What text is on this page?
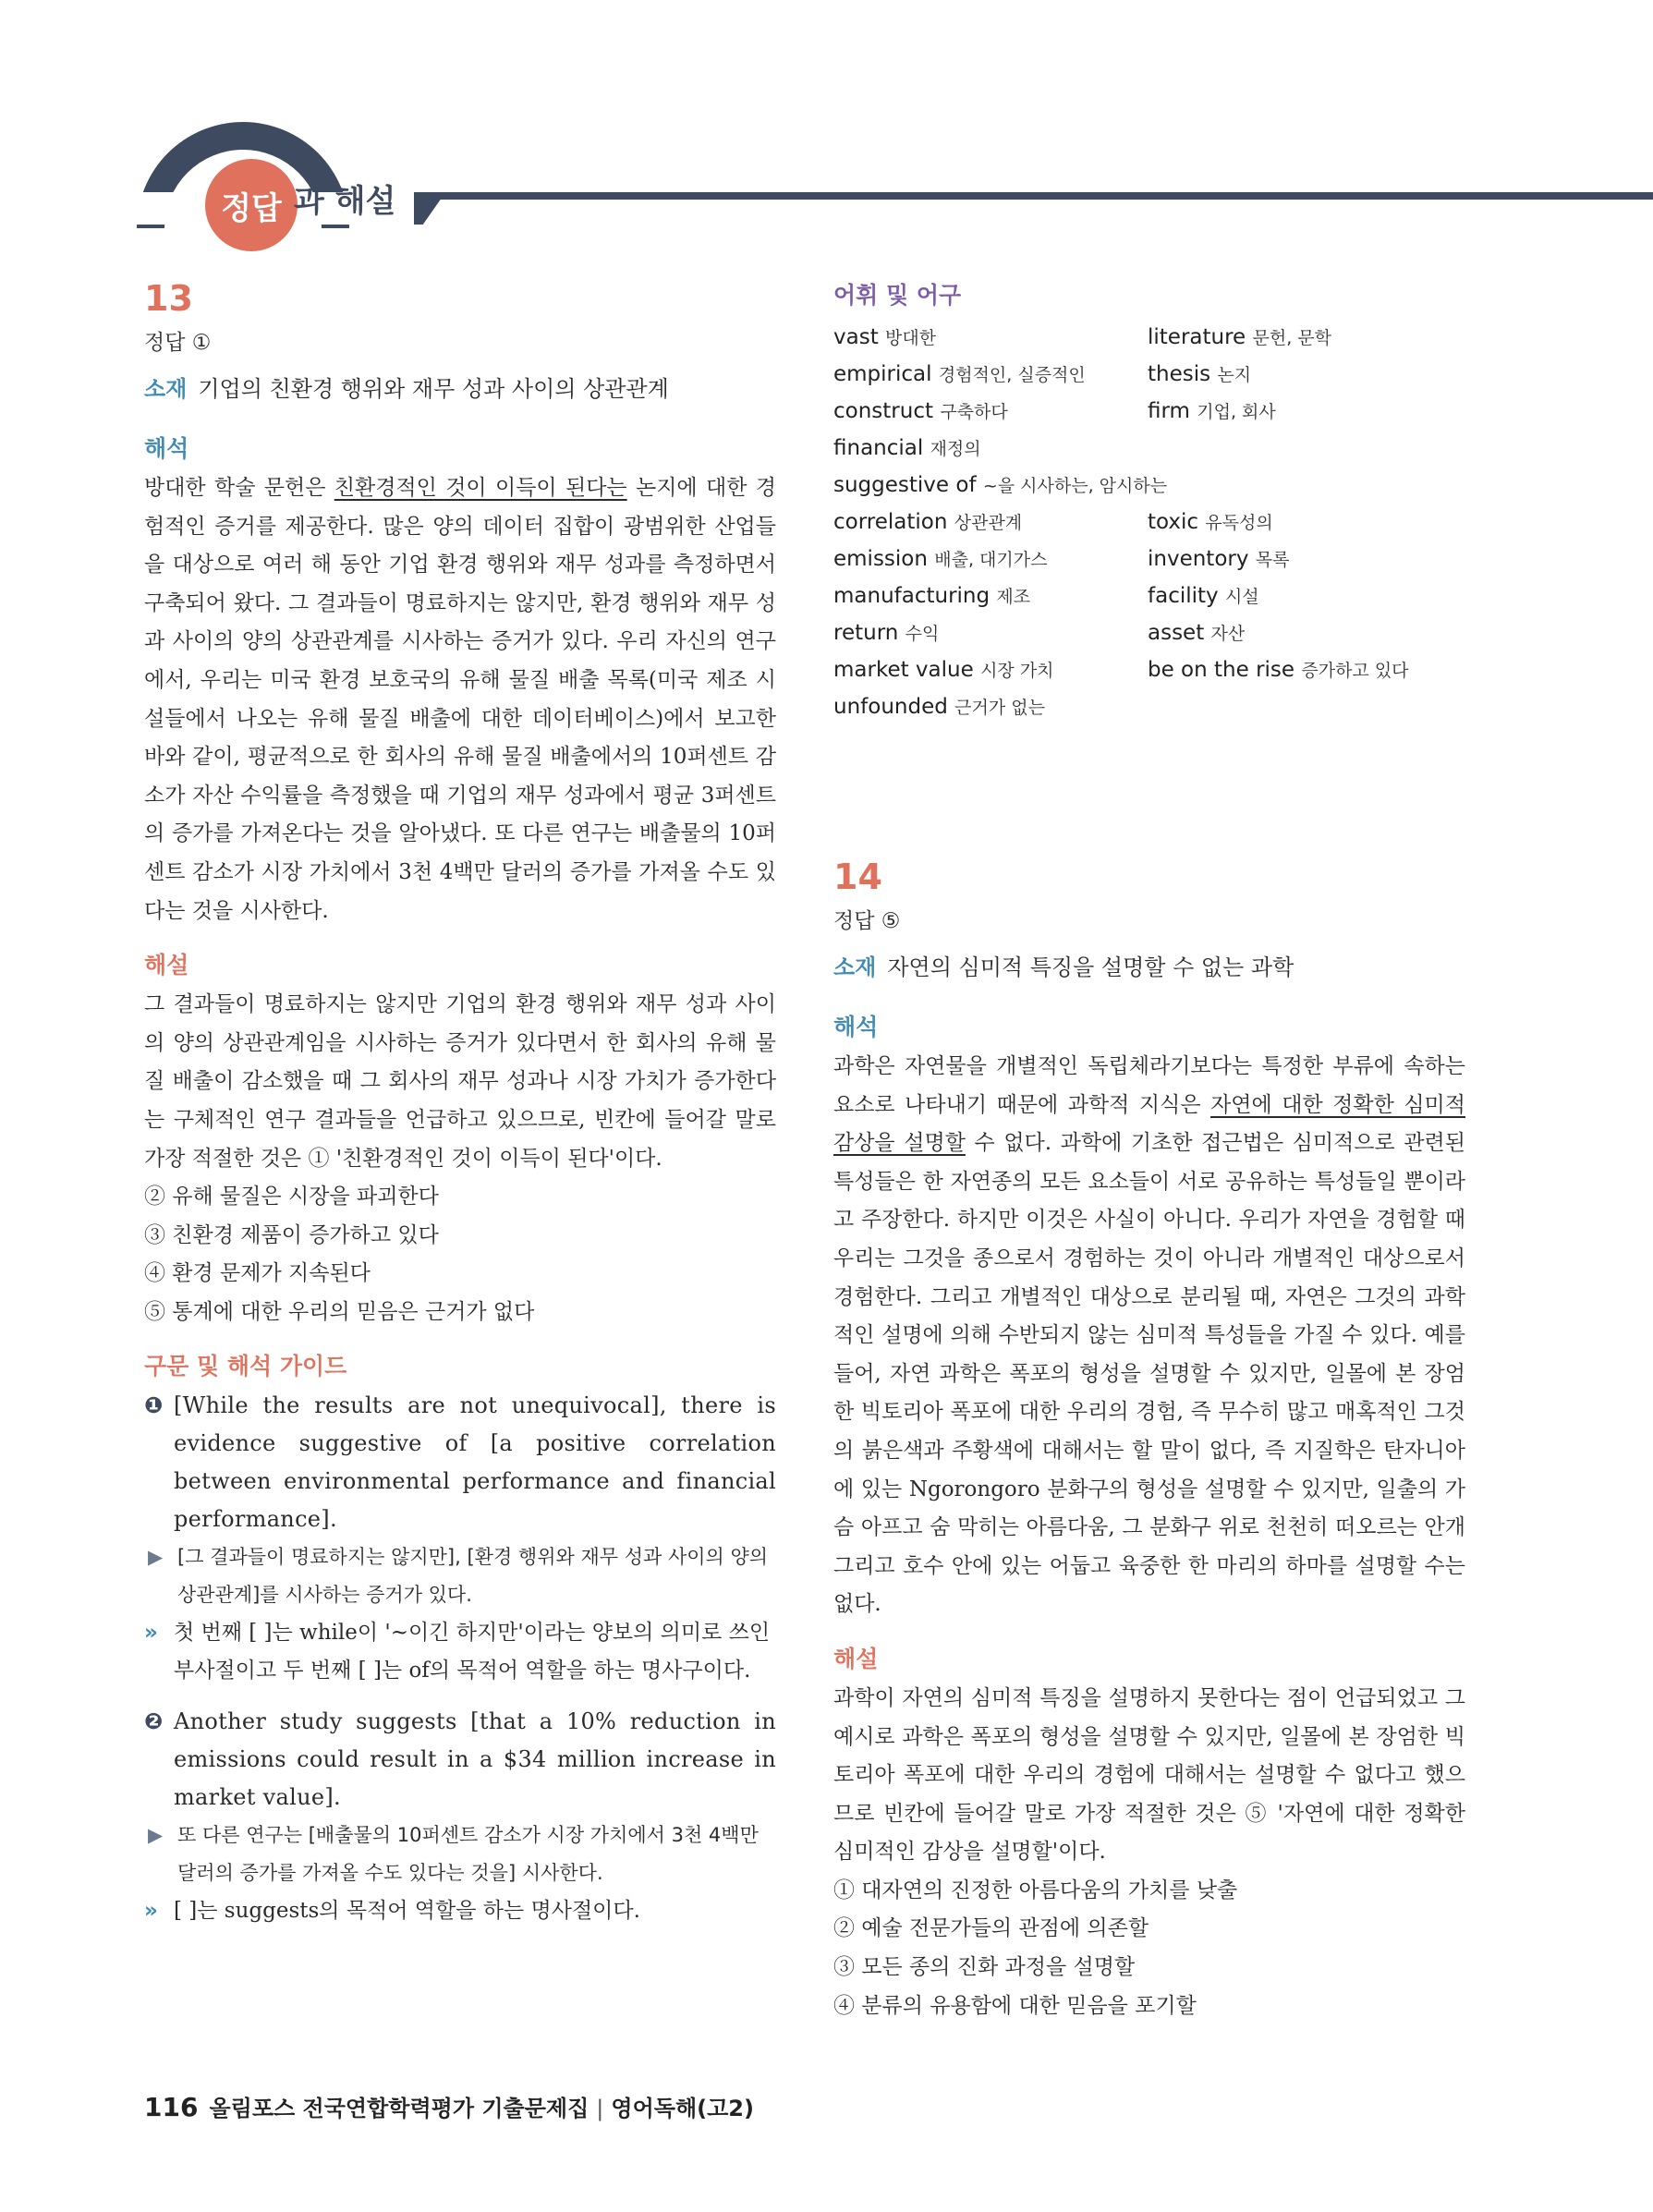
정답 과 해설

13

정답 ①

소재 기업의 친환경 행위와 재무 성과 사이의 상관관계

해석

방대한 학술 문헌은 친환경적인 것이 이득이 된다는 논지에 대한 경험적인 증거를 제공한다. 많은 양의 데이터 집합이 광범위한 산업들을 대상으로 여러 해 동안 기업 환경 행위와 재무 성과를 측정하면서 구축되어 왔다. 그 결과들이 명료하지는 않지만, 환경 행위와 재무 성과 사이의 양의 상관관계를 시사하는 증거가 있다. 우리 자신의 연구에서, 우리는 미국 환경 보호국의 유해 물질 배출 목록(미국 제조 시설들에서 나오는 유해 물질 배출에 대한 데이터베이스)에서 보고한 바와 같이, 평균적으로 한 회사의 유해 물질 배출에서의 10퍼센트 감소가 자산 수익률을 측정했을 때 기업의 재무 성과에서 평균 3퍼센트의 증가를 가져온다는 것을 알아냈다. 또 다른 연구는 배출물의 10퍼센트 감소가 시장 가치에서 3천 4백만 달러의 증가를 가져올 수도 있다는 것을 시사한다.

해설

그 결과들이 명료하지는 않지만 기업의 환경 행위와 재무 성과 사이의 양의 상관관계임을 시사하는 증거가 있다면서 한 회사의 유해 물질 배출이 감소했을 때 그 회사의 재무 성과나 시장 가치가 증가한다는 구체적인 연구 결과들을 언급하고 있으므로, 빈칸에 들어갈 말로 가장 적절한 것은 ① '친환경적인 것이 이득이 된다'이다.

② 유해 물질은 시장을 파괴한다

③ 친환경 제품이 증가하고 있다

④ 환경 문제가 지속된다

⑤ 통계에 대한 우리의 믿음은 근거가 없다

구문 및 해석 가이드

❶ [While the results are not unequivocal], there is evidence suggestive of [a positive correlation between environmental performance and financial performance].
▶ [그 결과들이 명료하지는 않지만], [환경 행위와 재무 성과 사이의 양의 상관관계]를 시사하는 증거가 있다.
» 첫 번째 [ ]는 while이 '~이긴 하지만'이라는 양보의 의미로 쓰인 부사절이고 두 번째 [ ]는 of의 목적어 역할을 하는 명사구이다.
❷ Another study suggests [that a 10% reduction in emissions could result in a $34 million increase in market value].
▶ 또 다른 연구는 [배출물의 10퍼센트 감소가 시장 가치에서 3천 4백만 달러의 증가를 가져올 수도 있다는 것을] 시사한다.
» [ ]는 suggests의 목적어 역할을 하는 명사절이다.

어휘 및 어구

vast 방대한	literature 문헌, 문학
empirical 경험적인, 실증적인	thesis 논지
construct 구축하다	firm 기업, 회사
financial 재정의
suggestive of ~을 시사하는, 암시하는
correlation 상관관계	toxic 유독성의
emission 배출, 대기가스	inventory 목록
manufacturing 제조	facility 시설
return 수익	asset 자산
market value 시장 가치	be on the rise 증가하고 있다
unfounded 근거가 없는

14

정답 ⑤

소재 자연의 심미적 특징을 설명할 수 없는 과학

해석

과학은 자연물을 개별적인 독립체라기보다는 특정한 부류에 속하는 요소로 나타내기 때문에 과학적 지식은 자연에 대한 정확한 심미적 감상을 설명할 수 없다. 과학에 기초한 접근법은 심미적으로 관련된 특성들은 한 자연종의 모든 요소들이 서로 공유하는 특성들일 뿐이라고 주장한다. 하지만 이것은 사실이 아니다. 우리가 자연을 경험할 때 우리는 그것을 종으로서 경험하는 것이 아니라 개별적인 대상으로서 경험한다. 그리고 개별적인 대상으로 분리될 때, 자연은 그것의 과학적인 설명에 의해 수반되지 않는 심미적 특성들을 가질 수 있다. 예를 들어, 자연 과학은 폭포의 형성을 설명할 수 있지만, 일몰에 본 장엄한 빅토리아 폭포에 대한 우리의 경험, 즉 무수히 많고 매혹적인 그것의 붉은색과 주황색에 대해서는 할 말이 없다, 즉 지질학은 탄자니아에 있는 Ngorongoro 분화구의 형성을 설명할 수 있지만, 일출의 가슴 아프고 숨 막히는 아름다움, 그 분화구 위로 천천히 떠오르는 안개 그리고 호수 안에 있는 어둡고 육중한 한 마리의 하마를 설명할 수는 없다.

해설

과학이 자연의 심미적 특징을 설명하지 못한다는 점이 언급되었고 그 예시로 과학은 폭포의 형성을 설명할 수 있지만, 일몰에 본 장엄한 빅토리아 폭포에 대한 우리의 경험에 대해서는 설명할 수 없다고 했으므로 빈칸에 들어갈 말로 가장 적절한 것은 ⑤ '자연에 대한 정확한 심미적인 감상을 설명할'이다.

① 대자연의 진정한 아름다움의 가치를 낮출

② 예술 전문가들의 관점에 의존할

③ 모든 종의 진화 과정을 설명할

④ 분류의 유용함에 대한 믿음을 포기할

116 올림포스 전국연합학력평가 기출문제집 | 영어독해(고2)
